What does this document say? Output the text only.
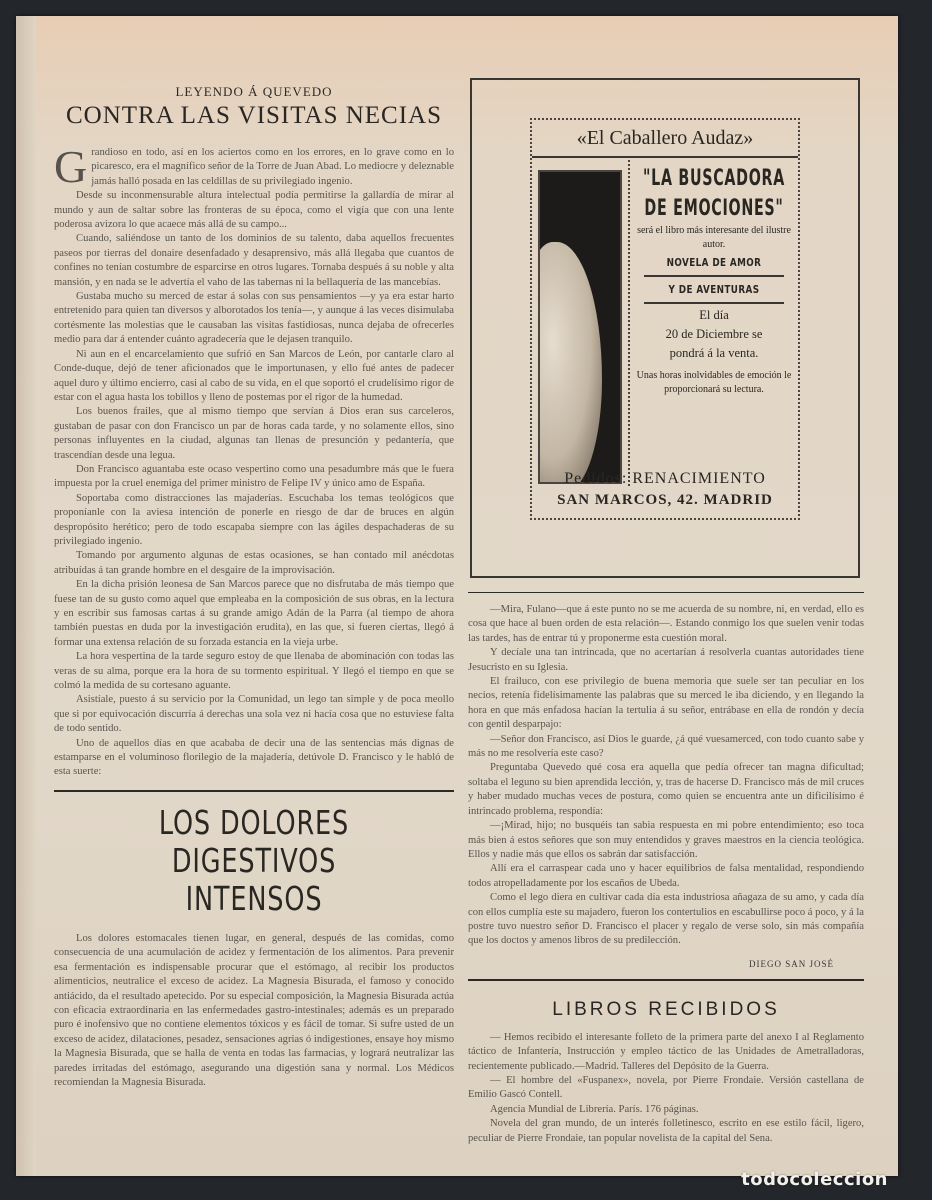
LEYENDO Á QUEVEDO
CONTRA LAS VISITAS NECIAS

Grandioso en todo, así en los aciertos como en los errores, en lo grave como en lo picaresco, era el magnífico señor de la Torre de Juan Abad. Lo mediocre y deleznable jamás halló posada en las celdillas de su privilegiado ingenio.

Desde su inconmensurable altura intelectual podía permitirse la gallardía de mirar al mundo y aun de saltar sobre las fronteras de su época, como el vigía que con una lente poderosa avizora lo que acaece más allá de su campo...

Cuando, saliéndose un tanto de los dominios de su talento, daba aquellos frecuentes paseos por tierras del donaire desenfadado y desaprensivo, más allá llegaba que cuantos de confines no tenían costumbre de esparcirse en otros lugares. Tornaba después á su noble y alta mansión, y en nada se le advertía el vaho de las tabernas ni la bellaquería de las mancebías.

Gustaba mucho su merced de estar á solas con sus pensamientos —y ya era estar harto entretenido para quien tan diversos y alborotados los tenía—, y aunque á las veces disimulaba cortésmente las molestias que le causaban las visitas fastidiosas, nunca dejaba de ofrecerles medio para dar á entender cuánto agradecería que le dejasen tranquilo.

Ni aun en el encarcelamiento que sufrió en San Marcos de León, por cantarle claro al Conde-duque, dejó de tener aficionados que le importunasen, y ello fué antes de padecer aquel duro y último encierro, casi al cabo de su vida, en el que soportó el crudelísimo rigor de estar con el agua hasta los tobillos y lleno de postemas por el rigor de la humedad.

Los buenos frailes, que al mismo tiempo que servían á Dios eran sus carceleros, gustaban de pasar con don Francisco un par de horas cada tarde, y no solamente ellos, sino personas influyentes en la ciudad, algunas tan llenas de presunción y pedantería, que trascendían desde una legua.

Don Francisco aguantaba este ocaso vespertino como una pesadumbre más que le fuera impuesta por la cruel enemiga del primer ministro de Felipe IV y único amo de España.

Soportaba como distracciones las majaderías. Escuchaba los temas teológicos que proponíanle con la aviesa intención de ponerle en riesgo de dar de bruces en algún despropósito herético; pero de todo escapaba siempre con las ágiles despachaderas de su privilegiado ingenio.

Tomando por argumento algunas de estas ocasiones, se han contado mil anécdotas atribuídas á tan grande hombre en el desgaire de la improvisación.

En la dicha prisión leonesa de San Marcos parece que no disfrutaba de más tiempo que fuese tan de su gusto como aquel que empleaba en la composición de sus obras, en la lectura y en escribir sus famosas cartas á su grande amigo Adán de la Parra (al tiempo de ahora también puestas en duda por la investigación erudita), en las que, si fueren ciertas, llegó á formar una extensa relación de su forzada estancia en la vieja urbe.

La hora vespertina de la tarde seguro estoy de que llenaba de abominación con todas las veras de su alma, porque era la hora de su tormento espiritual. Y llegó el tiempo en que se colmó la medida de su cortesano aguante.

Asistíale, puesto á su servicio por la Comunidad, un lego tan simple y de poca meollo que si por equivocación discurría á derechas una sola vez ni hacía cosa que no estuviese falta de todo sentido.

Uno de aquellos días en que acababa de decir una de las sentencias más dignas de estamparse en el voluminoso florilegio de la majadería, detúvole D. Francisco y le habló de esta suerte:

LOS DOLORES DIGESTIVOS
INTENSOS

Los dolores estomacales tienen lugar, en general, después de las comidas, como consecuencia de una acumulación de acidez y fermentación de los alimentos. Para prevenir esa fermentación es indispensable procurar que el estómago, al recibir los productos alimenticios, neutralice el exceso de acidez. La Magnesia Bisurada, el famoso y conocido antiácido, da el resultado apetecido. Por su especial composición, la Magnesia Bisurada actúa con eficacia extraordinaria en las enfermedades gastro-intestinales; además es un preparado puro é inofensivo que no contiene elementos tóxicos y es fácil de tomar. Si sufre usted de un exceso de acidez, dilataciones, pesadez, sensaciones agrias ó indigestiones, ensaye hoy mismo la Magnesia Bisurada, que se halla de venta en todas las farmacias, y logrará neutralizar las paredes irritadas del estómago, asegurando una digestión sana y normal. Los Médicos recomiendan la Magnesia Bisurada.

«El Caballero Audaz»
"LA BUSCADORA
DE EMOCIONES"
será el libro más interesante del ilustre autor.
NOVELA DE AMOR
Y DE AVENTURAS
El día
20 de Diciembre se
pondrá á la venta.
Unas horas inolvidables de emoción le proporcionará su lectura.
Pedidos: RENACIMIENTO
SAN MARCOS, 42. MADRID

—Mira, Fulano—que á este punto no se me acuerda de su nombre, ni, en verdad, ello es cosa que hace al buen orden de esta relación—. Estando conmigo los que suelen venir todas las tardes, has de entrar tú y proponerme esta cuestión moral.

Y decíale una tan intrincada, que no acertarían á resolverla cuantas autoridades tiene Jesucristo en su Iglesia.

El frailuco, con ese privilegio de buena memoria que suele ser tan peculiar en los necios, retenía fidelísimamente las palabras que su merced le iba diciendo, y en llegando la hora en que más enfadosa hacían la tertulia á su señor, entrábase en ella de rondón y decía con gentil desparpajo:

—Señor don Francisco, así Dios le guarde, ¿á qué vuesamerced, con todo cuanto sabe y más no me resolvería este caso?

Preguntaba Quevedo qué cosa era aquella que pedía ofrecer tan magna dificultad; soltaba el leguno su bien aprendida lección, y, tras de hacerse D. Francisco más de mil cruces y haber mudado muchas veces de postura, como quien se encuentra ante un dificilísimo é intrincado problema, respondía:

—¡Mirad, hijo; no busquéis tan sabia respuesta en mi pobre entendimiento; eso toca más bien á estos señores que son muy entendidos y graves maestros en la ciencia teológica. Ellos y nadie más que ellos os sabrán dar satisfacción.

Allí era el carraspear cada uno y hacer equilibrios de falsa mentalidad, respondiendo todos atropelladamente por los escaños de Ubeda.

Como el lego diera en cultivar cada día esta industriosa añagaza de su amo, y cada día con ellos cumplía este su majadero, fueron los contertulios en escabullirse poco á poco, y á la postre tuvo nuestro señor D. Francisco el placer y regalo de verse solo, sin más compañía que los doctos y amenos libros de su predilección.

DIEGO SAN JOSÉ
LIBROS RECIBIDOS

— Hemos recibido el interesante folleto de la primera parte del anexo I al Reglamento táctico de Infantería, Instrucción y empleo táctico de las Unidades de Ametralladoras, recientemente publicado.—Madrid. Talleres del Depósito de la Guerra.

— El hombre del «Fuspanex», novela, por Pierre Frondaie. Versión castellana de Emilio Gascó Contell.

Agencia Mundial de Librería. París. 176 páginas.

Novela del gran mundo, de un interés folletinesco, escrito en ese estilo fácil, ligero, peculiar de Pierre Frondaie, tan popular novelista de la capital del Sena.

todocoleccion
